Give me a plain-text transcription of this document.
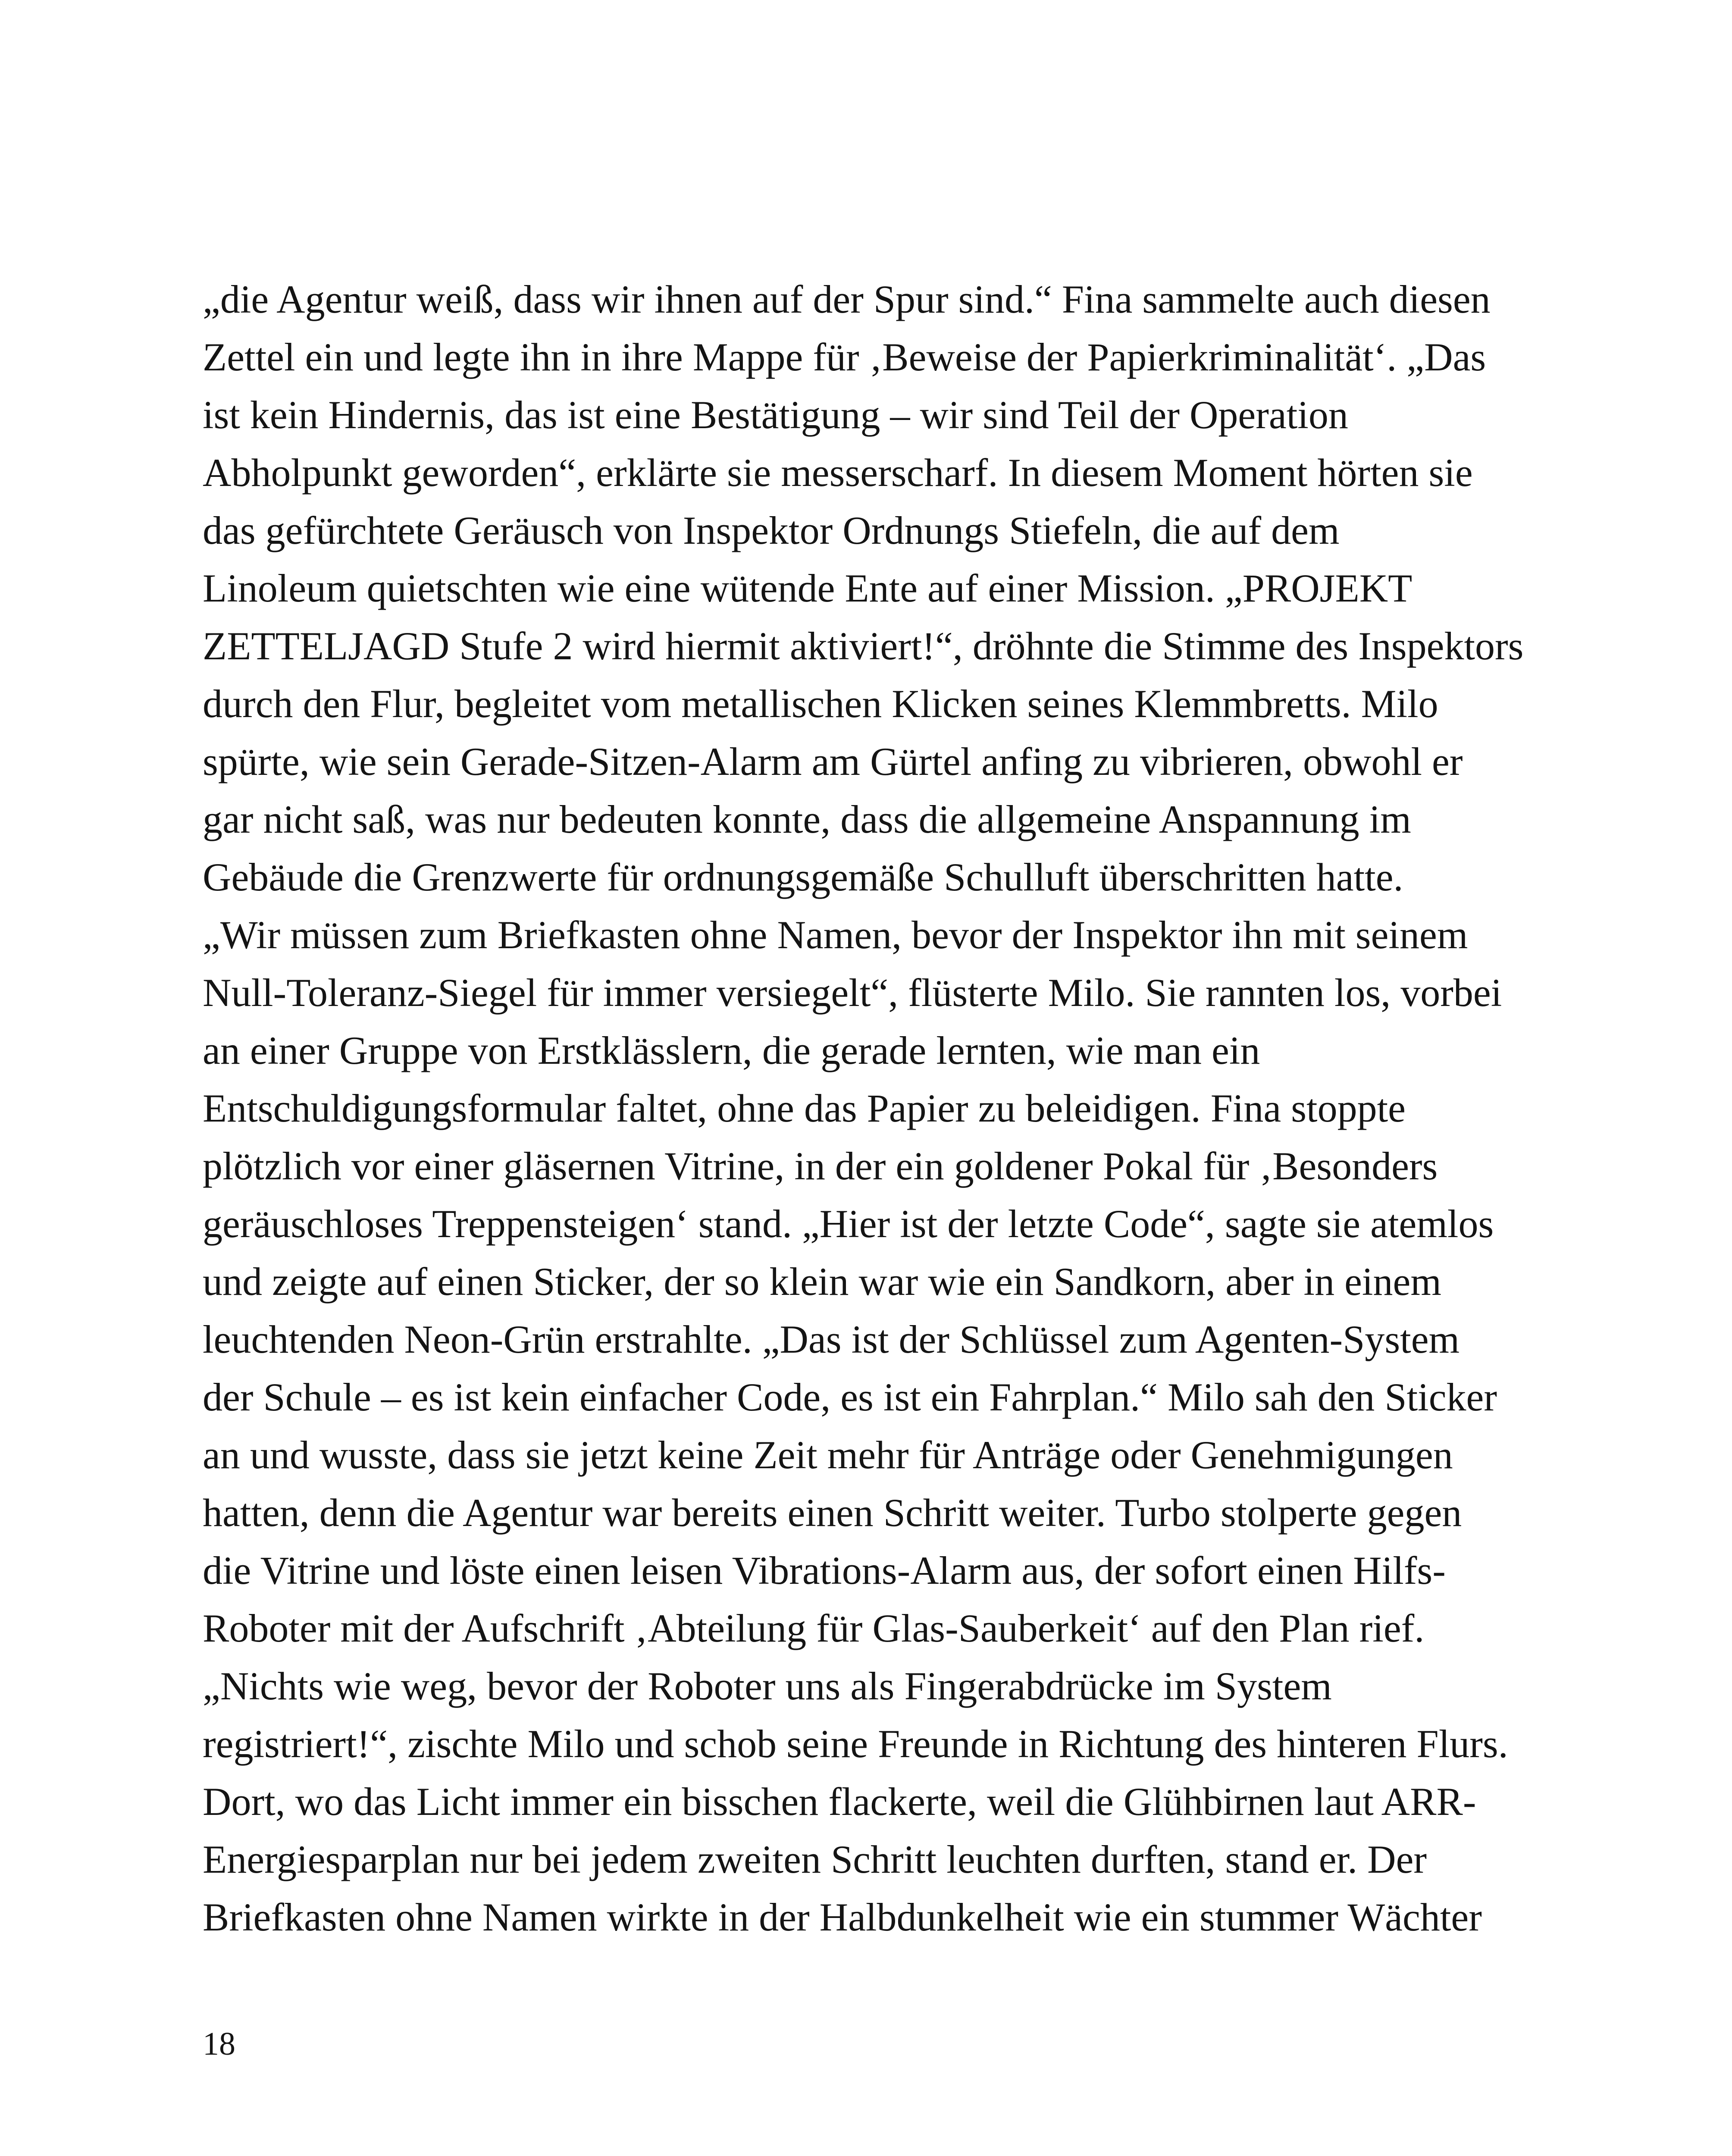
„die Agentur weiß, dass wir ihnen auf der Spur sind.“ Fina sammelte auch diesen
Zettel ein und legte ihn in ihre Mappe für ‚Beweise der Papierkriminalität‘. „Das
ist kein Hindernis, das ist eine Bestätigung – wir sind Teil der Operation
Abholpunkt geworden“, erklärte sie messerscharf. In diesem Moment hörten sie
das gefürchtete Geräusch von Inspektor Ordnungs Stiefeln, die auf dem
Linoleum quietschten wie eine wütende Ente auf einer Mission. „PROJEKT
ZETTELJAGD Stufe 2 wird hiermit aktiviert!“, dröhnte die Stimme des Inspektors
durch den Flur, begleitet vom metallischen Klicken seines Klemmbretts. Milo
spürte, wie sein Gerade-Sitzen-Alarm am Gürtel anfing zu vibrieren, obwohl er
gar nicht saß, was nur bedeuten konnte, dass die allgemeine Anspannung im
Gebäude die Grenzwerte für ordnungsgemäße Schulluft überschritten hatte.
„Wir müssen zum Briefkasten ohne Namen, bevor der Inspektor ihn mit seinem
Null-Toleranz-Siegel für immer versiegelt“, flüsterte Milo. Sie rannten los, vorbei
an einer Gruppe von Erstklässlern, die gerade lernten, wie man ein
Entschuldigungsformular faltet, ohne das Papier zu beleidigen. Fina stoppte
plötzlich vor einer gläsernen Vitrine, in der ein goldener Pokal für ‚Besonders
geräuschloses Treppensteigen‘ stand. „Hier ist der letzte Code“, sagte sie atemlos
und zeigte auf einen Sticker, der so klein war wie ein Sandkorn, aber in einem
leuchtenden Neon-Grün erstrahlte. „Das ist der Schlüssel zum Agenten-System
der Schule – es ist kein einfacher Code, es ist ein Fahrplan.“ Milo sah den Sticker
an und wusste, dass sie jetzt keine Zeit mehr für Anträge oder Genehmigungen
hatten, denn die Agentur war bereits einen Schritt weiter. Turbo stolperte gegen
die Vitrine und löste einen leisen Vibrations-Alarm aus, der sofort einen Hilfs-
Roboter mit der Aufschrift ‚Abteilung für Glas-Sauberkeit‘ auf den Plan rief.
„Nichts wie weg, bevor der Roboter uns als Fingerabdrücke im System
registriert!“, zischte Milo und schob seine Freunde in Richtung des hinteren Flurs.
Dort, wo das Licht immer ein bisschen flackerte, weil die Glühbirnen laut ARR-
Energiesparplan nur bei jedem zweiten Schritt leuchten durften, stand er. Der
Briefkasten ohne Namen wirkte in der Halbdunkelheit wie ein stummer Wächter
18
